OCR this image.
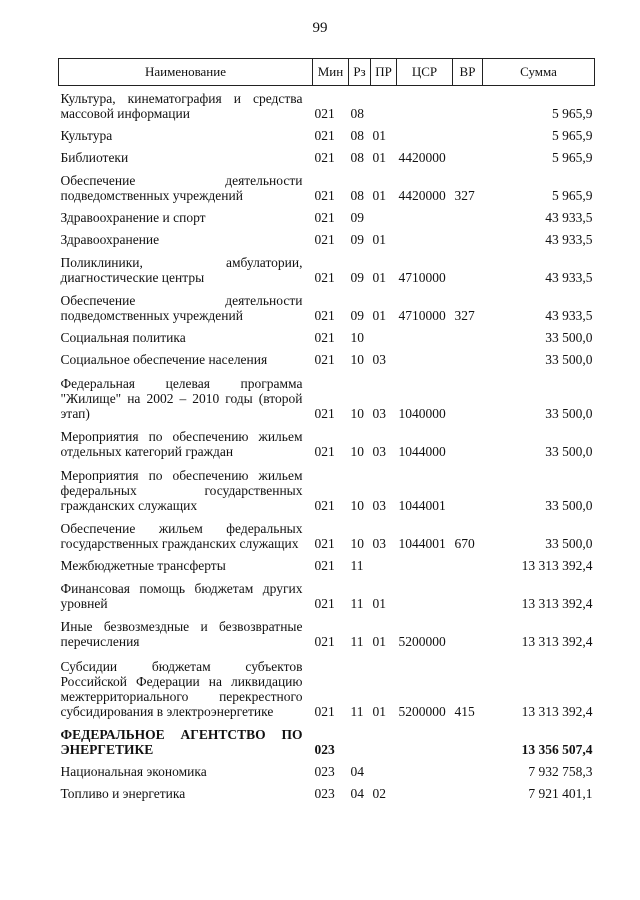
99
Наименование	Мин	Рз	ПР	ЦСР	ВР	Сумма
Культура, кинематография и средства массовой информации	021	08				5 965,9
Культура	021	08	01			5 965,9
Библиотеки	021	08	01	4420000		5 965,9
Обеспечение деятельности подведомственных учреждений	021	08	01	4420000	327	5 965,9
Здравоохранение и спорт	021	09				43 933,5
Здравоохранение	021	09	01			43 933,5
Поликлиники, амбулатории, диагностические центры	021	09	01	4710000		43 933,5
Обеспечение деятельности подведомственных учреждений	021	09	01	4710000	327	43 933,5
Социальная политика	021	10				33 500,0
Социальное обеспечение населения	021	10	03			33 500,0
Федеральная целевая программа "Жилище" на 2002 – 2010 годы (второй этап)	021	10	03	1040000		33 500,0
Мероприятия по обеспечению жильем отдельных категорий граждан	021	10	03	1044000		33 500,0
Мероприятия по обеспечению жильем федеральных государственных гражданских служащих	021	10	03	1044001		33 500,0
Обеспечение жильем федеральных государственных гражданских служащих	021	10	03	1044001	670	33 500,0
Межбюджетные трансферты	021	11				13 313 392,4
Финансовая помощь бюджетам других уровней	021	11	01			13 313 392,4
Иные безвозмездные и безвозвратные перечисления	021	11	01	5200000		13 313 392,4
Субсидии бюджетам субъектов Российской Федерации на ликвидацию межтерриториального перекрестного субсидирования в электроэнергетике	021	11	01	5200000	415	13 313 392,4
ФЕДЕРАЛЬНОЕ АГЕНТСТВО ПО ЭНЕРГЕТИКЕ	023					13 356 507,4
Национальная экономика	023	04				7 932 758,3
Топливо и энергетика	023	04	02			7 921 401,1
